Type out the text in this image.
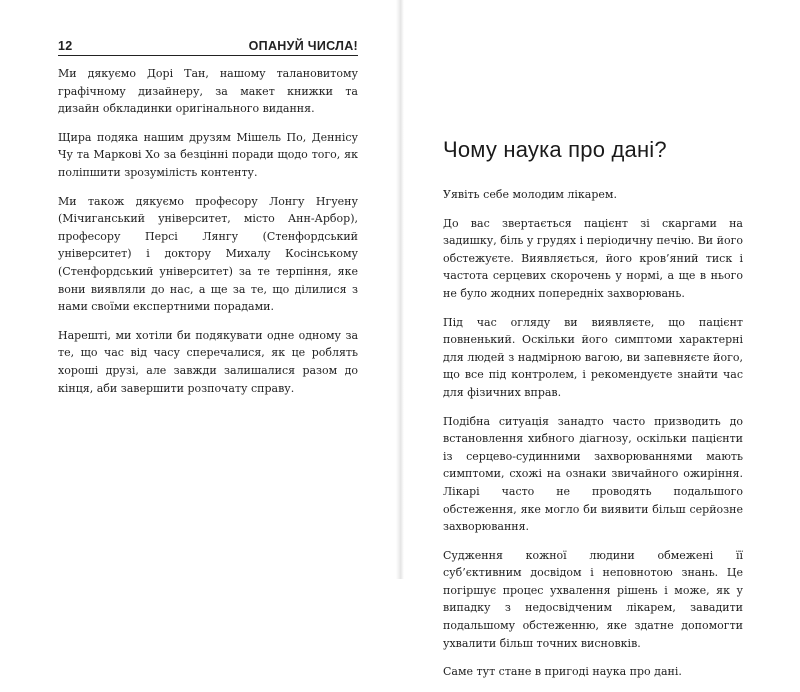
12	ОПАНУЙ ЧИСЛА!

Ми дякуємо Дорі Тан, нашому талановитому графічному дизайнеру, за макет книжки та дизайн обкладинки оригінального видання.

Щира подяка нашим друзям Мішель По, Деннісу Чу та Маркові Хо за безцінні поради щодо того, як поліпшити зрозумілість контенту.

Ми також дякуємо професору Лонгу Нгуену (Мічиганський університет, місто Анн-Арбор), професору Персі Лянгу (Стенфордський університет) і доктору Михалу Косінському (Стенфордський університет) за те терпіння, яке вони виявляли до нас, а ще за те, що ділилися з нами своїми експертними порадами.

Нарешті, ми хотіли би подякувати одне одному за те, що час від часу сперечалися, як це роблять хороші друзі, але завжди залишалися разом до кінця, аби завершити розпочату справу.

Чому наука про дані?

Уявіть себе молодим лікарем.

До вас звертається пацієнт зі скаргами на задишку, біль у грудях і періодичну печію. Ви його обстежуєте. Виявляється, його кров’яний тиск і частота серцевих скорочень у нормі, а ще в нього не було жодних попередніх захворювань.

Під час огляду ви виявляєте, що пацієнт повненький. Оскільки його симптоми характерні для людей з надмірною вагою, ви запевняєте його, що все під контролем, і рекомендуєте знайти час для фізичних вправ.

Подібна ситуація занадто часто призводить до встановлення хибного діагнозу, оскільки пацієнти із серцево-судинними захворюваннями мають симптоми, схожі на ознаки звичайного ожиріння. Лікарі часто не проводять подальшого обстеження, яке могло би виявити більш серйозне захворювання.

Судження кожної людини обмежені її суб’єктивним досвідом і неповнотою знань. Це погіршує процес ухвалення рішень і може, як у випадку з недосвідченим лікарем, завадити подальшому обстеженню, яке здатне допомогти ухвалити більш точних висновків.

Саме тут стане в пригоді наука про дані.
